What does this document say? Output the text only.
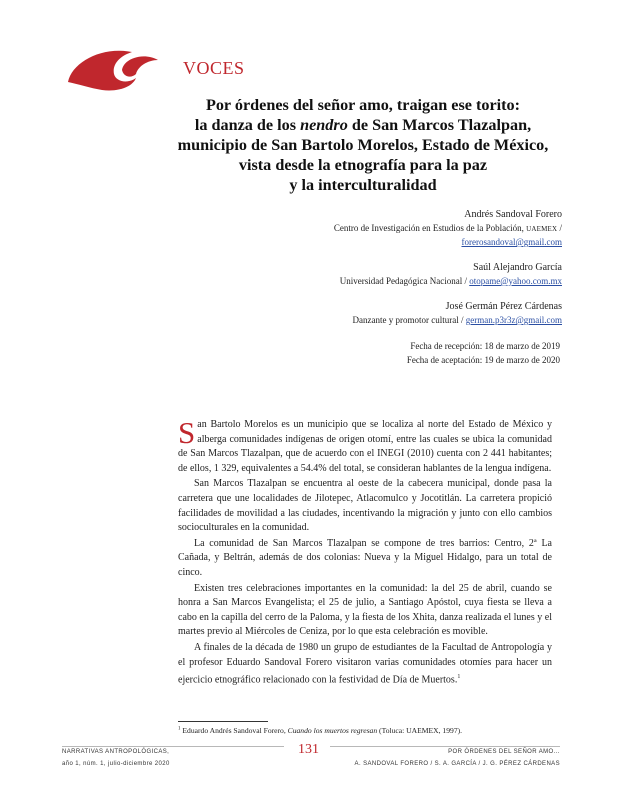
VOCES
Por órdenes del señor amo, traigan ese torito:
la danza de los nendro de San Marcos Tlazalpan,
municipio de San Bartolo Morelos, Estado de México,
vista desde la etnografía para la paz
y la interculturalidad
Andrés Sandoval Forero
Centro de Investigación en Estudios de la Población, UAEMEX /
forerosandoval@gmail.com
Saúl Alejandro García
Universidad Pedagógica Nacional / otopame@yahoo.com.mx
José Germán Pérez Cárdenas
Danzante y promotor cultural / german.p3r3z@gmail.com
Fecha de recepción: 18 de marzo de 2019
Fecha de aceptación: 19 de marzo de 2020

San Bartolo Morelos es un municipio que se localiza al norte del Estado de México y alberga comunidades indígenas de origen otomí, entre las cuales se ubica la comunidad de San Marcos Tlazalpan, que de acuerdo con el INEGI (2010) cuenta con 2 441 habitantes; de ellos, 1 329, equivalentes a 54.4% del total, se consideran hablantes de la lengua indígena.

San Marcos Tlazalpan se encuentra al oeste de la cabecera municipal, donde pasa la carretera que une localidades de Jilotepec, Atlacomulco y Jocotitlán. La carretera propició facilidades de movilidad a las ciudades, incentivando la migración y junto con ello cambios socioculturales en la comunidad.

La comunidad de San Marcos Tlazalpan se compone de tres barrios: Centro, 2ª La Cañada, y Beltrán, además de dos colonias: Nueva y la Miguel Hidalgo, para un total de cinco.

Existen tres celebraciones importantes en la comunidad: la del 25 de abril, cuando se honra a San Marcos Evangelista; el 25 de julio, a Santiago Apóstol, cuya fiesta se lleva a cabo en la capilla del cerro de la Paloma, y la fiesta de los Xhita, danza realizada el lunes y el martes previo al Miércoles de Ceniza, por lo que esta celebración es movible.

A finales de la década de 1980 un grupo de estudiantes de la Facultad de Antropología y el profesor Eduardo Sandoval Forero visitaron varias comunidades otomíes para hacer un ejercicio etnográfico relacionado con la festividad de Día de Muertos.$^1$

$^1$ Eduardo Andrés Sandoval Forero, Cuando los muertos regresan (Toluca: UAEMEX, 1997).
NARRATIVAS ANTROPOLÓGICAS,
año 1, núm. 1, julio-diciembre 2020
131	POR ÓRDENES DEL SEÑOR AMO…
A. SANDOVAL FORERO / S. A. GARCÍA / J. G. PÉREZ CÁRDENAS
